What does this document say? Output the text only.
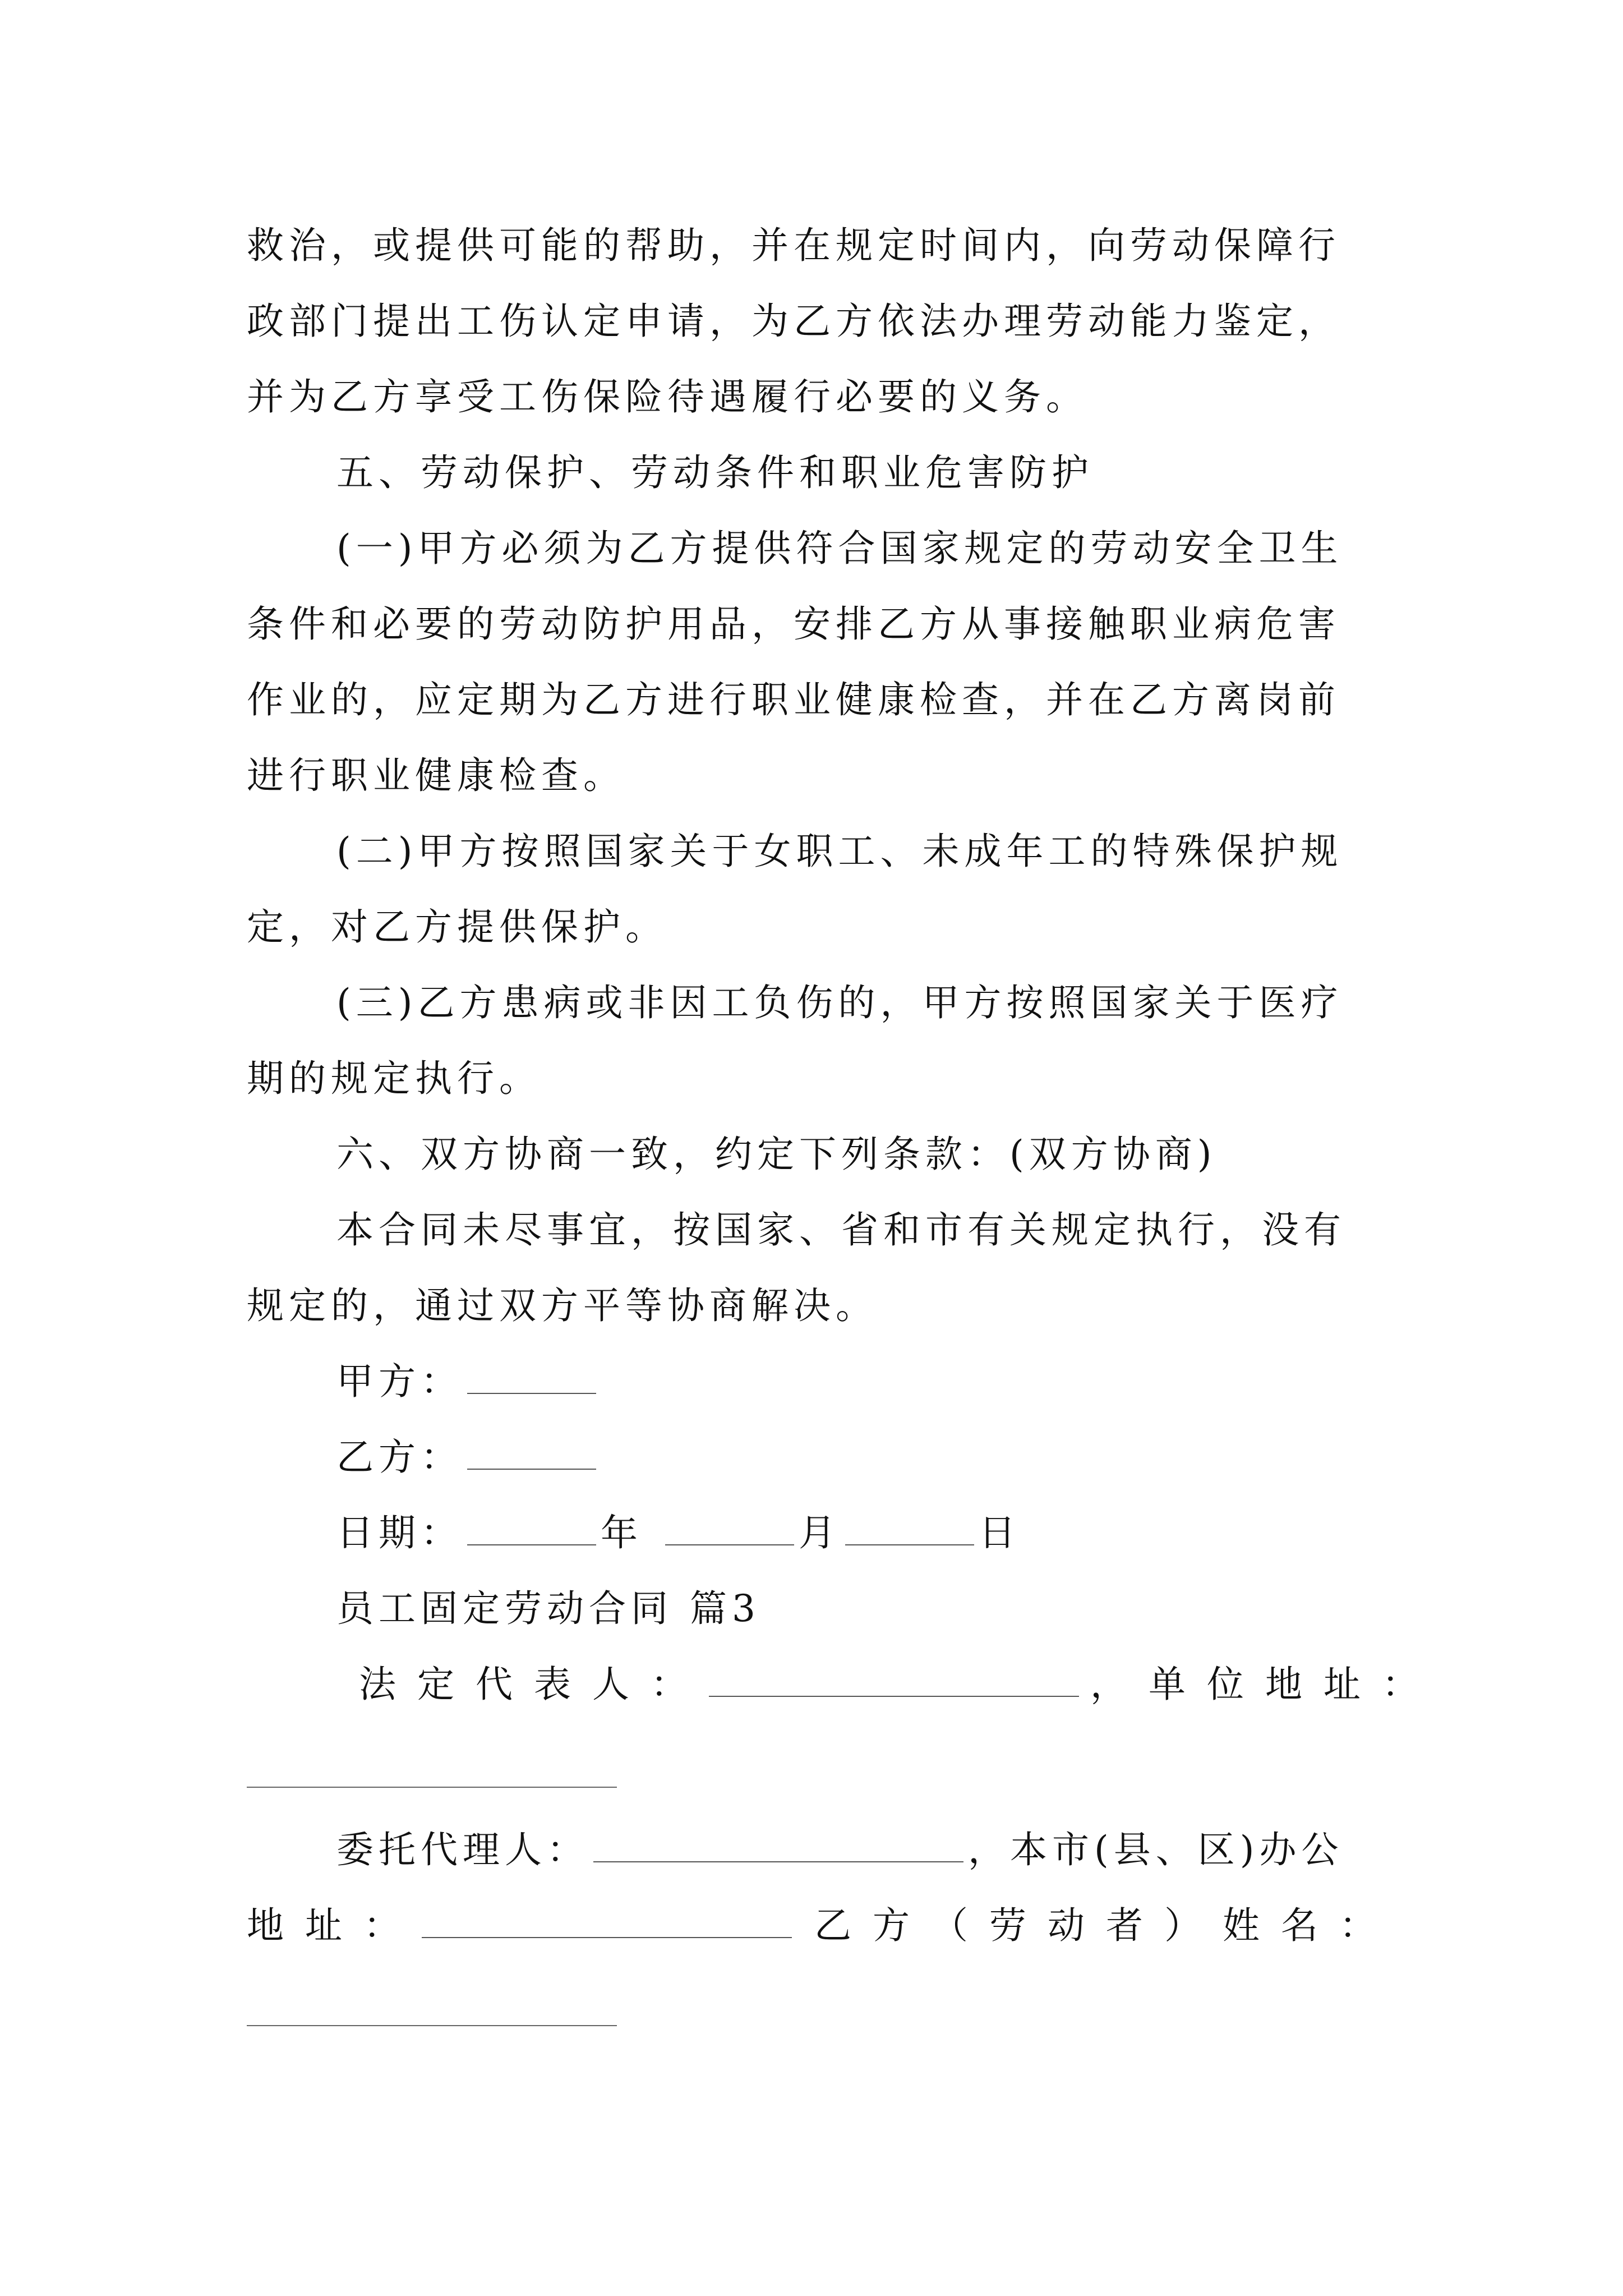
救治，或提供可能的帮助，并在规定时间内，向劳动保障行
政部门提出工伤认定申请，为乙方依法办理劳动能力鉴定，
并为乙方享受工伤保险待遇履行必要的义务。
五、劳动保护、劳动条件和职业危害防护
(一)甲方必须为乙方提供符合国家规定的劳动安全卫生
条件和必要的劳动防护用品，安排乙方从事接触职业病危害
作业的，应定期为乙方进行职业健康检查，并在乙方离岗前
进行职业健康检查。
(二)甲方按照国家关于女职工、未成年工的特殊保护规
定，对乙方提供保护。
(三)乙方患病或非因工负伤的，甲方按照国家关于医疗
期的规定执行。
六、双方协商一致，约定下列条款：(双方协商)
本合同未尽事宜，按国家、省和市有关规定执行，没有
规定的，通过双方平等协商解决。
甲方：
乙方：
日期：	年	月	日
员工固定劳动合同 篇3
法定代表人：	，单位地址：
委托代理人：	，本市(县、区)办公
地址：	乙方（劳动者）姓名：
